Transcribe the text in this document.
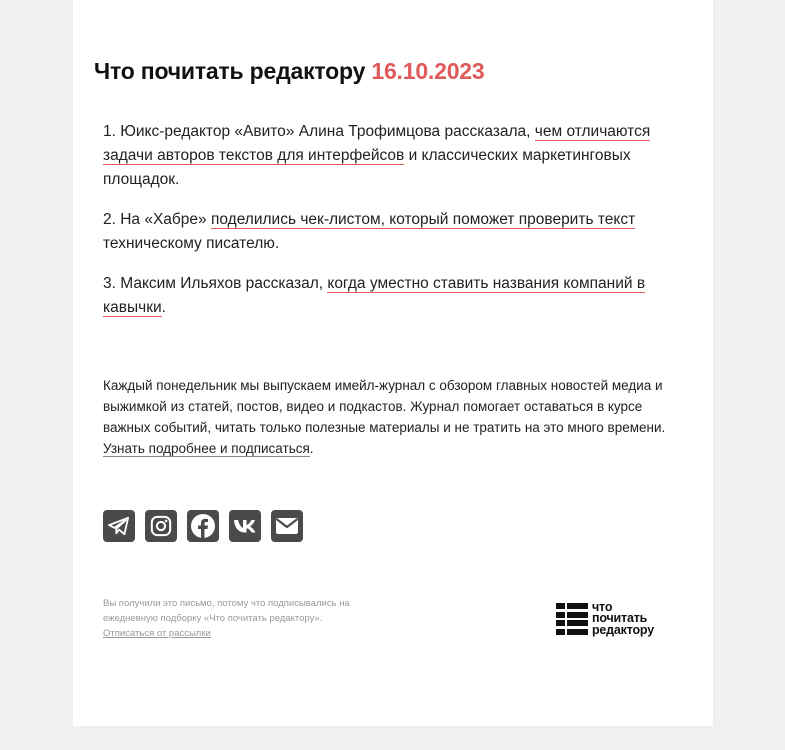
Что почитать редактору 16.10.2023

1. Юикс-редактор «Авито» Алина Трофимцова рассказала, чем отличаются задачи авторов текстов для интерфейсов и классических маркетинговых площадок.

2. На «Хабре» поделились чек-листом, который поможет проверить текст техническому писателю.

3. Максим Ильяхов рассказал, когда уместно ставить названия компаний в кавычки.

Каждый понедельник мы выпускаем имейл-журнал с обзором главных новостей медиа и выжимкой из статей, постов, видео и подкастов. Журнал помогает оставаться в курсе важных событий, читать только полезные материалы и не тратить на это много времени. Узнать подробнее и подписаться.

Вы получили это письмо, потому что подписывались на ежедневную подборку «Что почитать редактору».
Отписаться от рассылки

что
почитать
редактору
